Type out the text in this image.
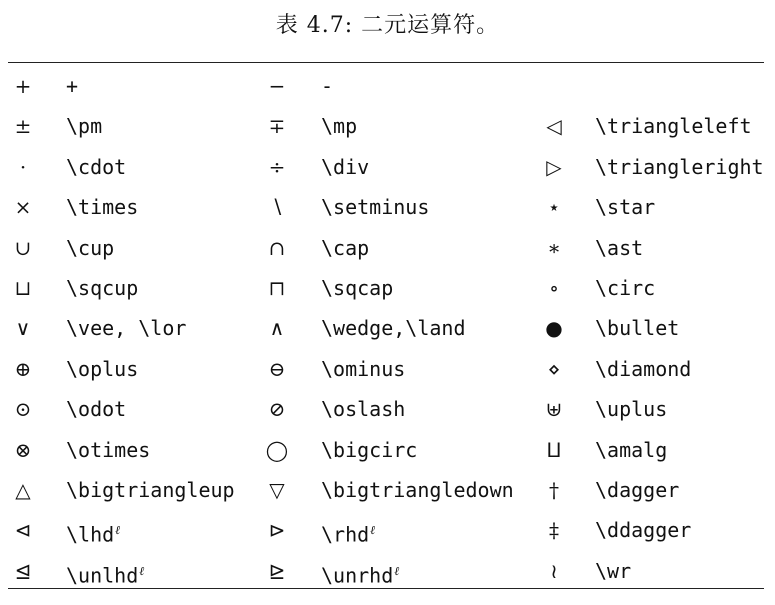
表 4.7: 二元运算符。
+	+	−	-
±	\pm	∓	\mp	◁	\triangleleft
·	\cdot	÷	\div	▷	\triangleright
×	\times	∖	\setminus	⋆	\star
∪	\cup	∩	\cap	∗	\ast
⊔	\sqcup	⊓	\sqcap	∘	\circ
∨	\vee, \lor	∧	\wedge,\land	●	\bullet
⊕	\oplus	⊖	\ominus	⋄	\diamond
⊙	\odot	⊘	\oslash	⊎	\uplus
⊗	\otimes	◯ \bigcirc	⨿	\amalg
△	\bigtriangleup	▽	\bigtriangledown	†	\dagger
⊲	\lhd$^\ell$	⊳	\rhd$^\ell$	‡	\ddagger
⊴	\unlhd$^\ell$	⊵	\unrhd$^\ell$	≀	\wr
